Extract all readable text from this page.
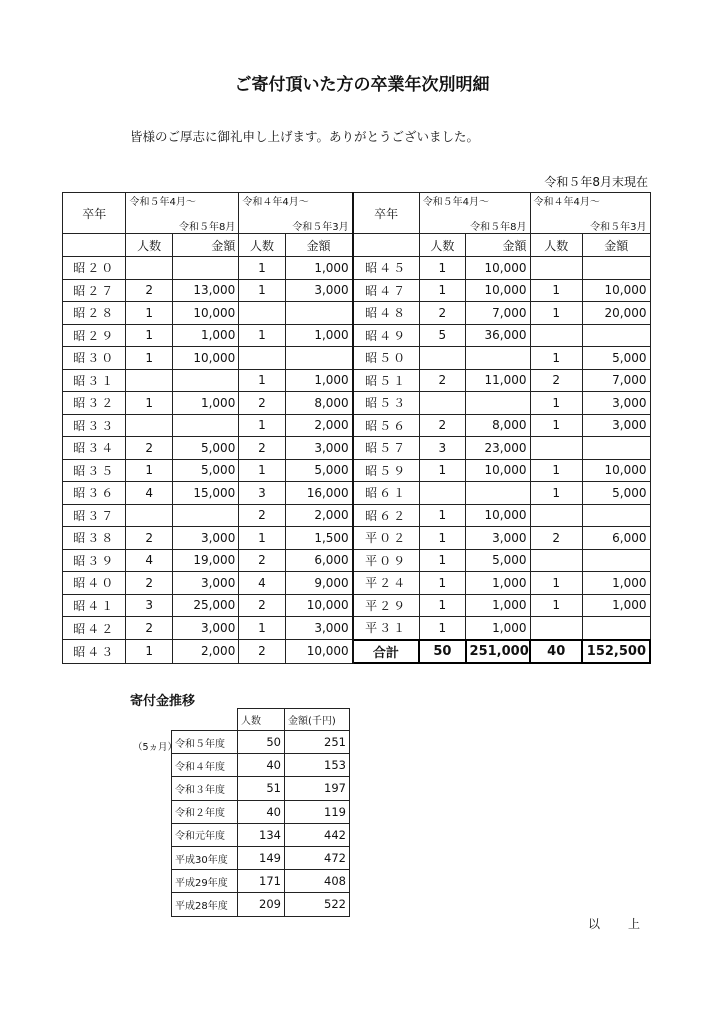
ご寄付頂いた方の卒業年次別明細
皆様のご厚志に御礼申し上げます。ありがとうございました。
令和５年8月末現在
卒年	令和５年4月～		令和４年4月～		卒年	令和５年4月～		令和４年4月～	
	令和５年8月		令和５年3月			令和５年8月		令和５年3月	
	人数	金額	人数	金額		人数	金額	人数	金額
昭２０			1	1,000	昭４５	1	10,000		
昭２７	2	13,000	1	3,000	昭４７	1	10,000	1	10,000
昭２８	1	10,000			昭４８	2	7,000	1	20,000
昭２９	1	1,000	1	1,000	昭４９	5	36,000		
昭３０	1	10,000			昭５０			1	5,000
昭３１			1	1,000	昭５１	2	11,000	2	7,000
昭３２	1	1,000	2	8,000	昭５３			1	3,000
昭３３			1	2,000	昭５６	2	8,000	1	3,000
昭３４	2	5,000	2	3,000	昭５７	3	23,000		
昭３５	1	5,000	1	5,000	昭５９	1	10,000	1	10,000
昭３６	4	15,000	3	16,000	昭６１			1	5,000
昭３７			2	2,000	昭６２	1	10,000		
昭３８	2	3,000	1	1,500	平０２	1	3,000	2	6,000
昭３９	4	19,000	2	6,000	平０９	1	5,000		
昭４０	2	3,000	4	9,000	平２４	1	1,000	1	1,000
昭４１	3	25,000	2	10,000	平２９	1	1,000	1	1,000
昭４２	2	3,000	1	3,000	平３１	1	1,000		
昭４３	1	2,000	2	10,000	合計	50	251,000	40	152,500
寄付金推移
（5ヵ月）
	人数	金額(千円)
令和５年度	50	251
令和４年度	40	153
令和３年度	51	197
令和２年度	40	119
令和元年度	134	442
平成30年度	149	472
平成29年度	171	408
平成28年度	209	522
以　上
